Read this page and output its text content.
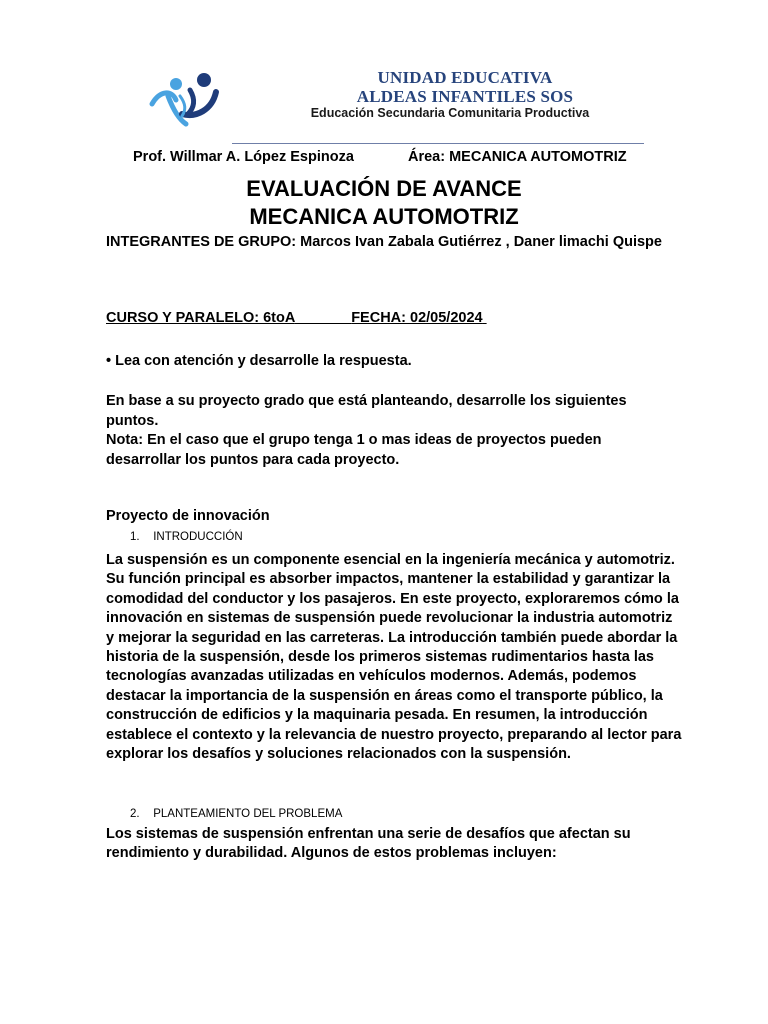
UNIDAD EDUCATIVA
ALDEAS INFANTILES SOS
Educación Secundaria Comunitaria Productiva
Prof. Willmar A. López Espinoza	Área: MECANICA AUTOMOTRIZ
EVALUACIÓN DE AVANCE
MECANICA AUTOMOTRIZ
INTEGRANTES DE GRUPO: Marcos Ivan Zabala Gutiérrez , Daner limachi Quispe
CURSO Y PARALELO: 6toA	FECHA: 02/05/2024
• Lea con atención y desarrolle la respuesta.
En base a su proyecto grado que está planteando, desarrolle los siguientes puntos.
Nota: En el caso que el grupo tenga 1 o mas ideas de proyectos pueden desarrollar los puntos para cada proyecto.
Proyecto de innovación
1. INTRODUCCIÓN
La suspensión es un componente esencial en la ingeniería mecánica y automotriz. Su función principal es absorber impactos, mantener la estabilidad y garantizar la comodidad del conductor y los pasajeros. En este proyecto, exploraremos cómo la innovación en sistemas de suspensión puede revolucionar la industria automotriz y mejorar la seguridad en las carreteras. La introducción también puede abordar la historia de la suspensión, desde los primeros sistemas rudimentarios hasta las tecnologías avanzadas utilizadas en vehículos modernos. Además, podemos destacar la importancia de la suspensión en áreas como el transporte público, la construcción de edificios y la maquinaria pesada. En resumen, la introducción establece el contexto y la relevancia de nuestro proyecto, preparando al lector para explorar los desafíos y soluciones relacionados con la suspensión.
2. PLANTEAMIENTO DEL PROBLEMA
Los sistemas de suspensión enfrentan una serie de desafíos que afectan su rendimiento y durabilidad. Algunos de estos problemas incluyen:
